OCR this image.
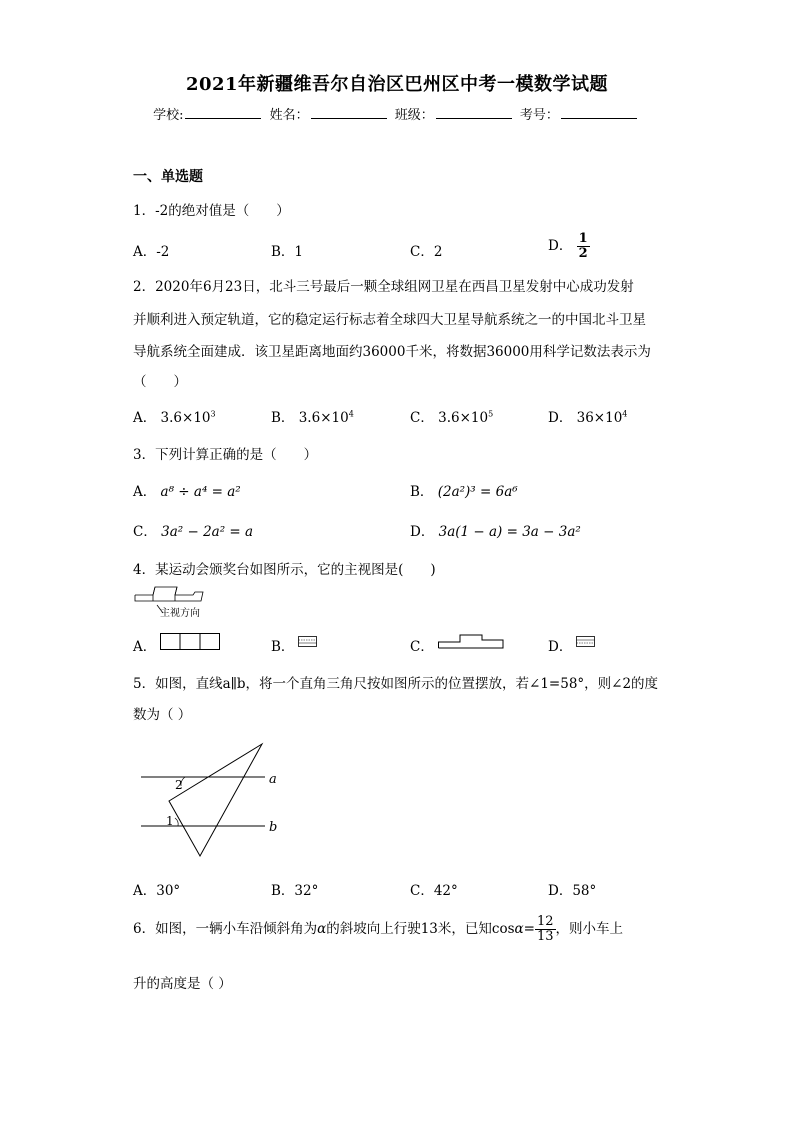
2021年新疆维吾尔自治区巴州区中考一模数学试题
学校:	姓名：	班级：	考号：
一、单选题
1．-2的绝对值是（　　）
A．-2	B．1	C．2	D． $\frac{1}{2}$
2．2020年6月23日，北斗三号最后一颗全球组网卫星在西昌卫星发射中心成功发射
并顺利进入预定轨道，它的稳定运行标志着全球四大卫星导航系统之一的中国北斗卫星
导航系统全面建成．该卫星距离地面约36000千米，将数据36000用科学记数法表示为
（　　）
A． $3.6\times 10^3$	B． $3.6\times 10^4$	C． $3.6\times 10^5$	D． $36\times 10^4$
3．下列计算正确的是（　　）
A． a⁸ ÷ a⁴ = a²	B． (2a²)³ = 6a⁶
C． 3a² − 2a² = a	D． 3a(1 − a) = 3a − 3a²
4．某运动会颁奖台如图所示，它的主视图是(　　)
主视方向
A．	B．	C．	D．
5．如图，直线a∥b，将一个直角三角尺按如图所示的位置摆放，若∠1=58°，则∠2的度
数为（ ）
a
b
2
1
A．30°	B．32°	C．42°	D．58°
6．如图，一辆小车沿倾斜角为α的斜坡向上行驶13米，已知$\cos\alpha= \frac{12}{13}$ ，则小车上
升的高度是（ ）
